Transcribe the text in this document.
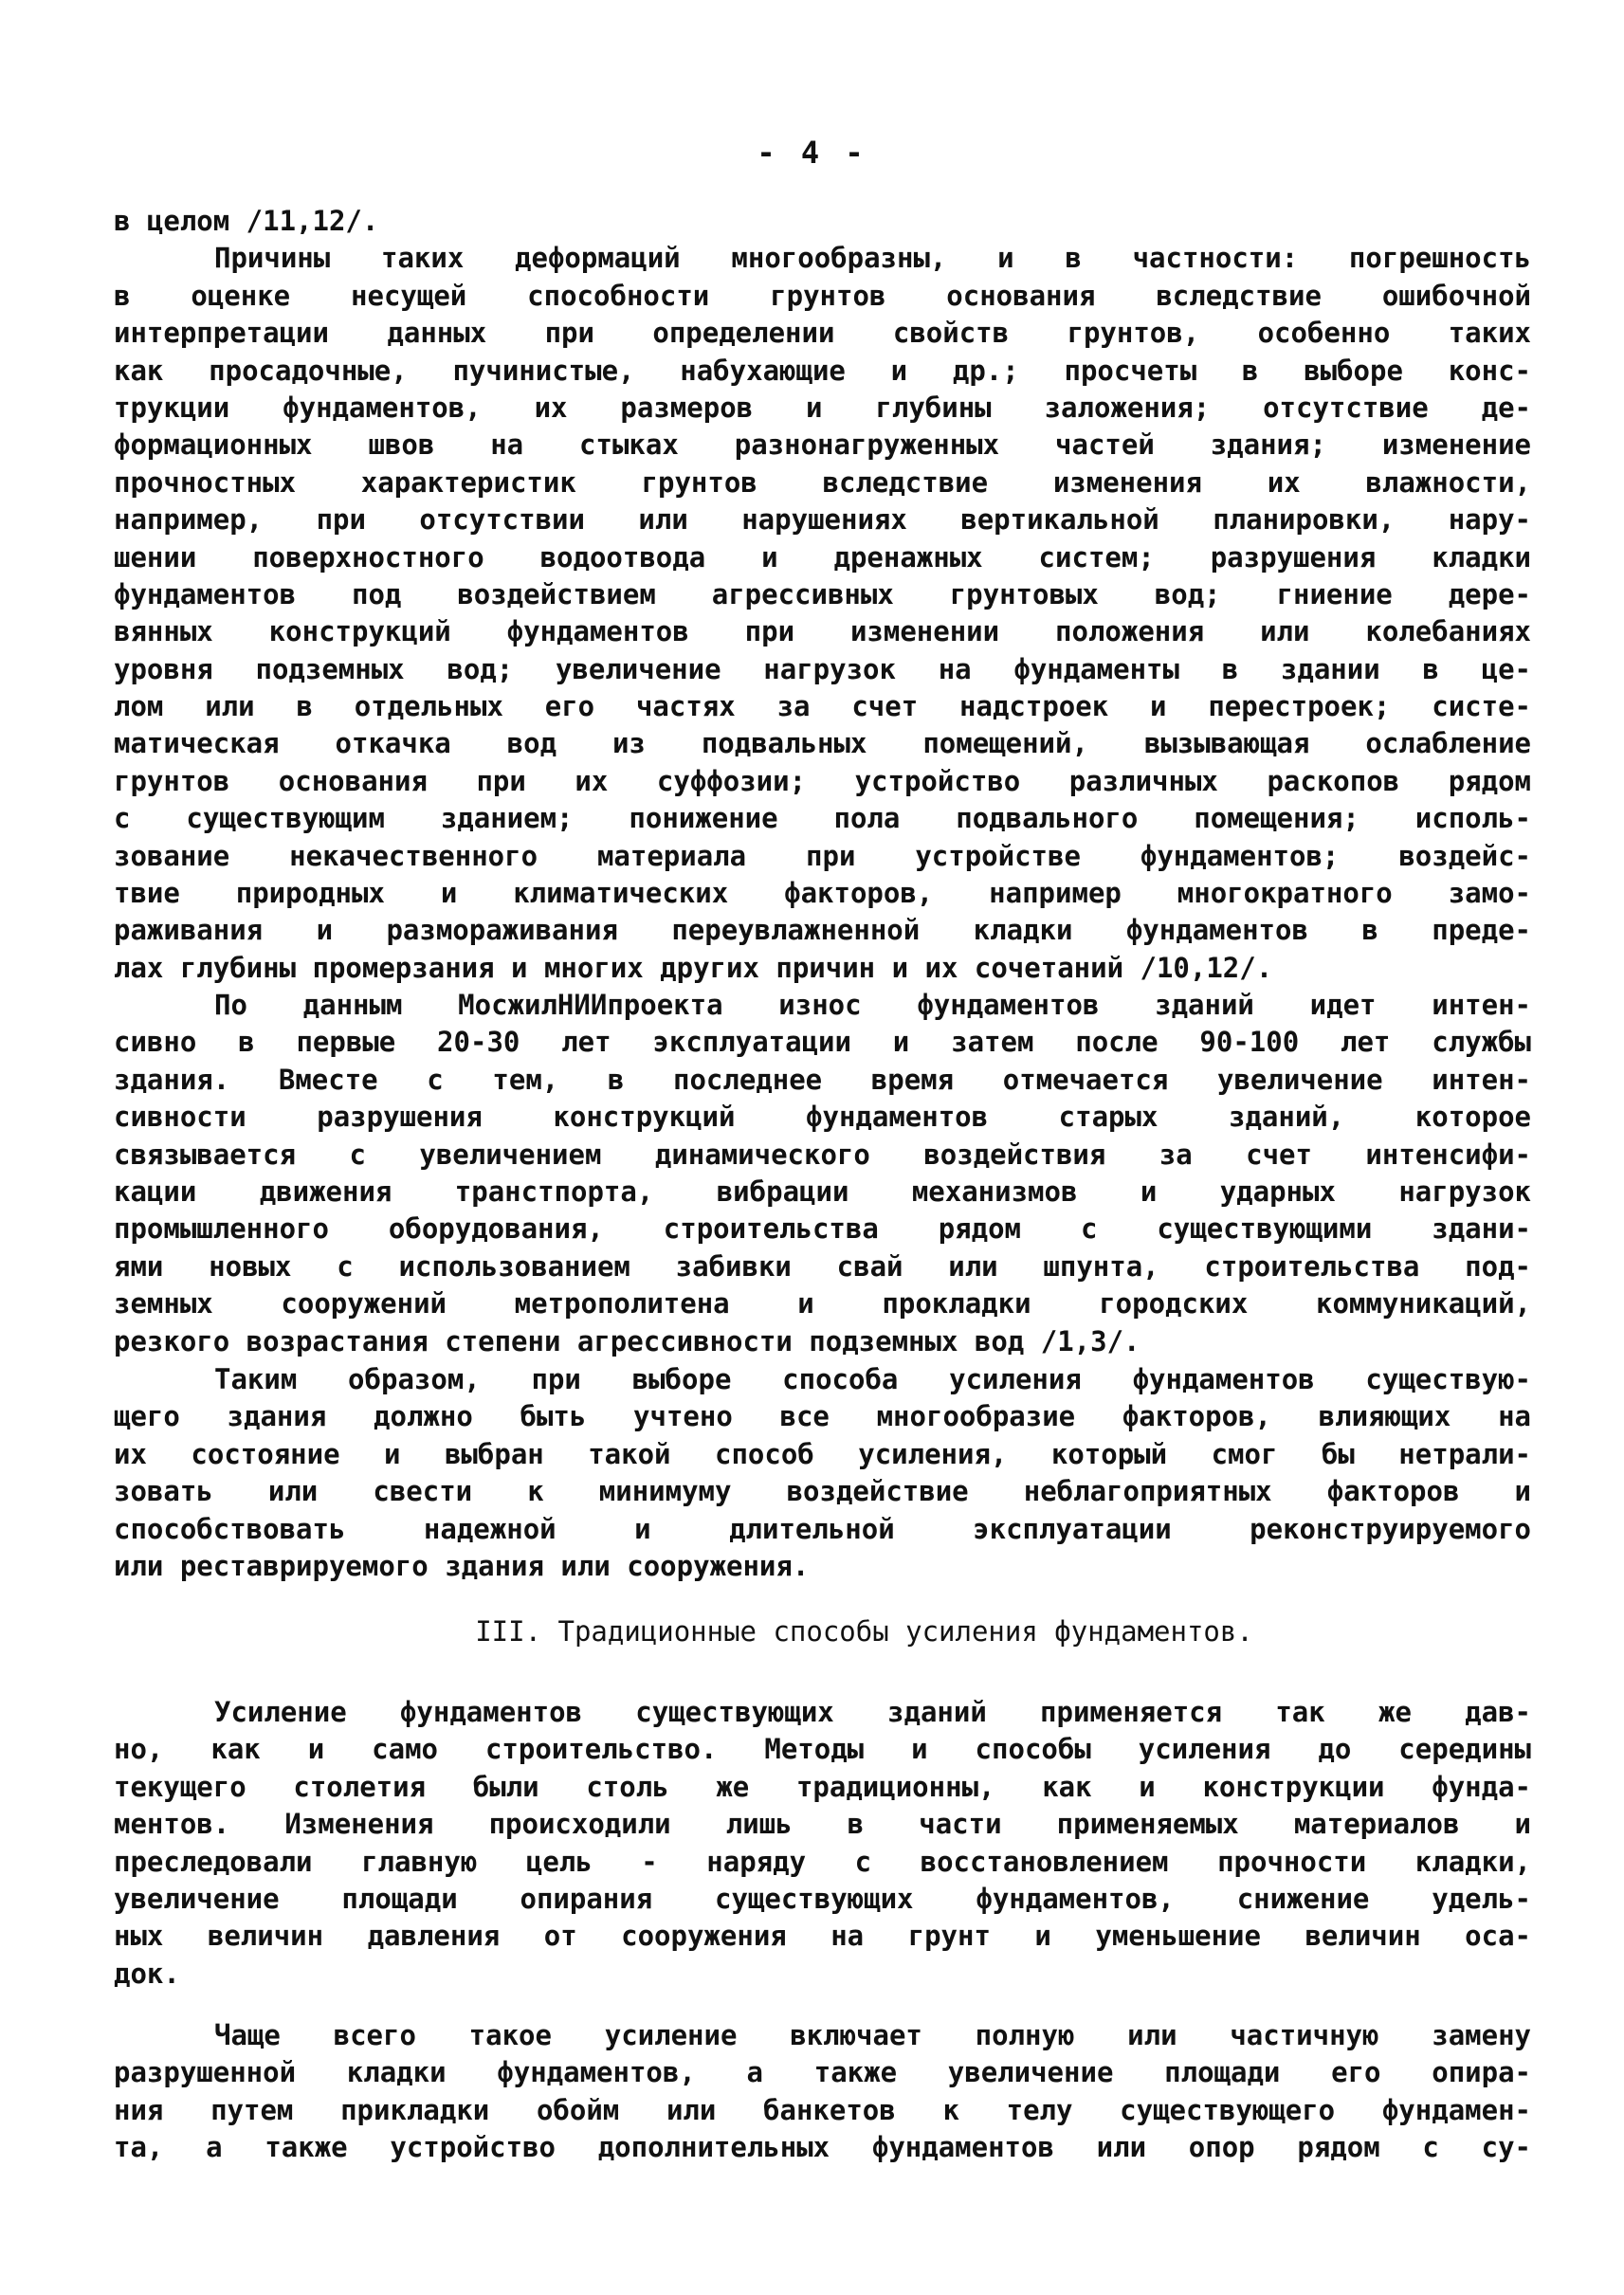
- 4 -
в целом /11,12/.
Причины таких деформаций многообразны, и в частности: погрешность
в оценке несущей способности грунтов основания вследствие ошибочной
интерпретации данных при определении свойств грунтов, особенно таких
как просадочные, пучинистые, набухающие и др.; просчеты в выборе конс-
трукции фундаментов, их размеров и глубины заложения; отсутствие де-
формационных швов на стыках разнонагруженных частей здания; изменение
прочностных характеристик грунтов вследствие изменения их влажности,
например, при отсутствии или нарушениях вертикальной планировки, нару-
шении поверхностного водоотвода и дренажных систем; разрушения кладки
фундаментов под воздействием агрессивных грунтовых вод; гниение дере-
вянных конструкций фундаментов при изменении положения или колебаниях
уровня подземных вод; увеличение нагрузок на фундаменты в здании в це-
лом или в отдельных его частях за счет надстроек и перестроек; систе-
матическая откачка вод из подвальных помещений, вызывающая ослабление
грунтов основания при их суффозии; устройство различных раскопов рядом
с существующим зданием; понижение пола подвального помещения; исполь-
зование некачественного материала при устройстве фундаментов; воздейс-
твие природных и климатических факторов, например многократного замо-
раживания и размораживания переувлажненной кладки фундаментов в преде-
лах глубины промерзания и многих других причин и их сочетаний /10,12/.
По данным МосжилНИИпроекта износ фундаментов зданий идет интен-
сивно в первые 20-30 лет эксплуатации и затем после 90-100 лет службы
здания. Вместе с тем, в последнее время отмечается увеличение интен-
сивности разрушения конструкций фундаментов старых зданий, которое
связывается с увеличением динамического воздействия за счет интенсифи-
кации движения транстпорта, вибрации механизмов и ударных нагрузок
промышленного оборудования, строительства рядом с существующими здани-
ями новых с использованием забивки свай или шпунта, строительства под-
земных сооружений метрополитена и прокладки городских коммуникаций,
резкого возрастания степени агрессивности подземных вод /1,3/.
Таким образом, при выборе способа усиления фундаментов существую-
щего здания должно быть учтено все многообразие факторов, влияющих на
их состояние и выбран такой способ усиления, который смог бы нетрали-
зовать или свести к минимуму воздействие неблагоприятных факторов и
способствовать надежной и длительной эксплуатации реконструируемого
или реставрируемого здания или сооружения.
III. Традиционные способы усиления фундаментов.
Усиление фундаментов существующих зданий применяется так же дав-
но, как и само строительство. Методы и способы усиления до середины
текущего столетия были столь же традиционны, как и конструкции фунда-
ментов. Изменения происходили лишь в части применяемых материалов и
преследовали главную цель - наряду с восстановлением прочности кладки,
увеличение площади опирания существующих фундаментов, снижение удель-
ных величин давления от сооружения на грунт и уменьшение величин оса-
док.
Чаще всего такое усиление включает полную или частичную замену
разрушенной кладки фундаментов, а также увеличение площади его опира-
ния путем прикладки обойм или банкетов к телу существующего фундамен-
та, а также устройство дополнительных фундаментов или опор рядом с су-
